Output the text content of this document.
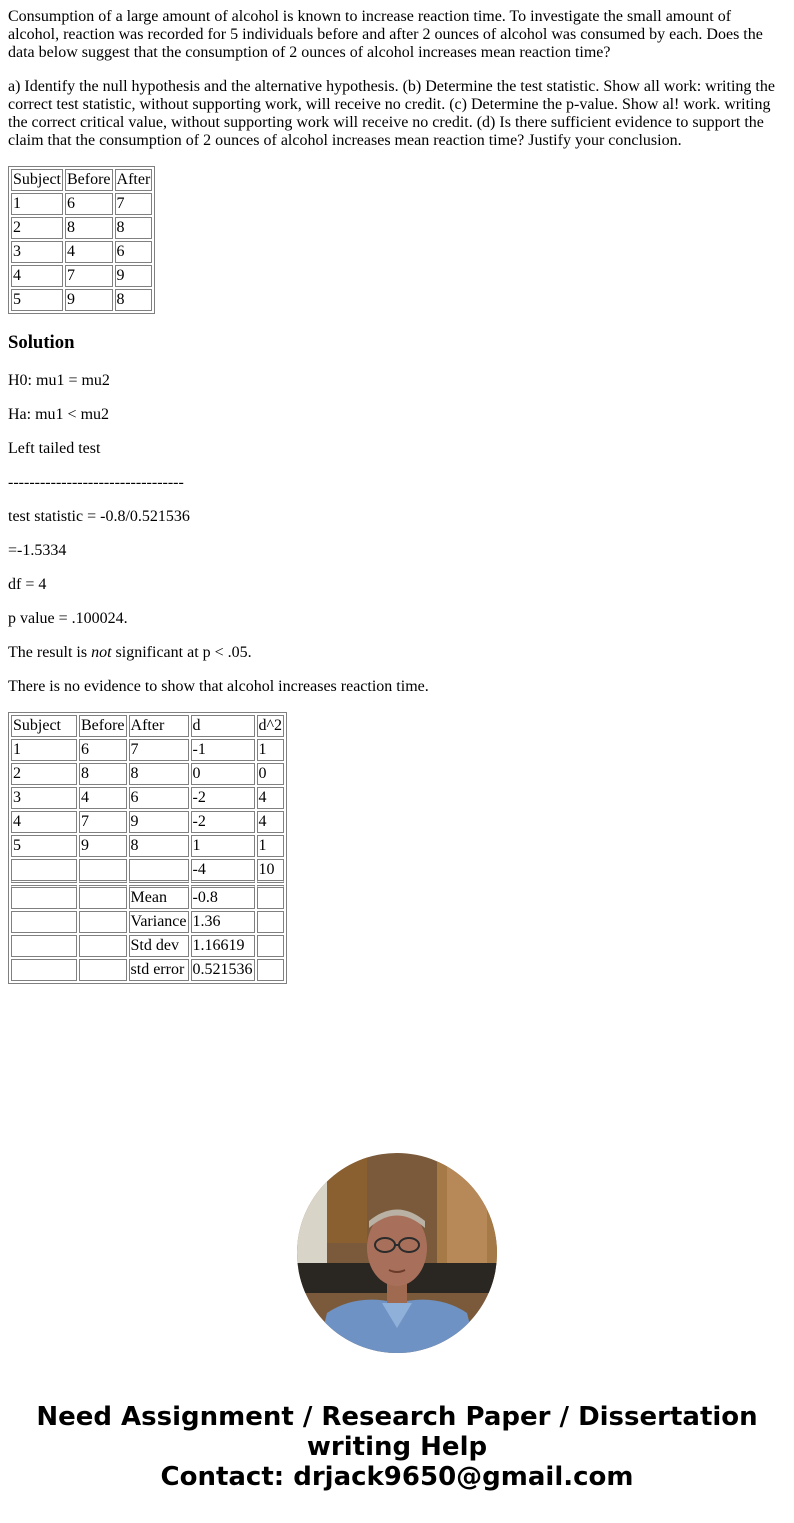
Consumption of a large amount of alcohol is known to increase reaction time. To investigate the small amount of alcohol, reaction was recorded for 5 individuals before and after 2 ounces of alcohol was consumed by each. Does the data below suggest that the consumption of 2 ounces of alcohol increases mean reaction time?

a) Identify the null hypothesis and the alternative hypothesis. (b) Determine the test statistic. Show all work: writing the correct test statistic, without supporting work, will receive no credit. (c) Determine the p-value. Show al! work. writing the correct critical value, without supporting work will receive no credit. (d) Is there sufficient evidence to support the claim that the consumption of 2 ounces of alcohol increases mean reaction time? Justify your conclusion.

Subject	Before	After
1	6	7
2	8	8
3	4	6
4	7	9
5	9	8
Solution

H0: mu1 = mu2

Ha: mu1 < mu2

Left tailed test

---------------------------------

test statistic = -0.8/0.521536

=-1.5334

df = 4

p value = .100024.

The result is not significant at p < .05.

There is no evidence to show that alcohol increases reaction time.

Subject	Before	After	d	d^2
1	6	7	-1	1
2	8	8	0	0
3	4	6	-2	4
4	7	9	-2	4
5	9	8	1	1
			-4	10
		Mean	-0.8	
		Variance	1.36	
		Std dev	1.16619	
		std error	0.521536	
Need Assignment / Research Paper / Dissertation
writing Help
Contact: drjack9650@gmail.com
